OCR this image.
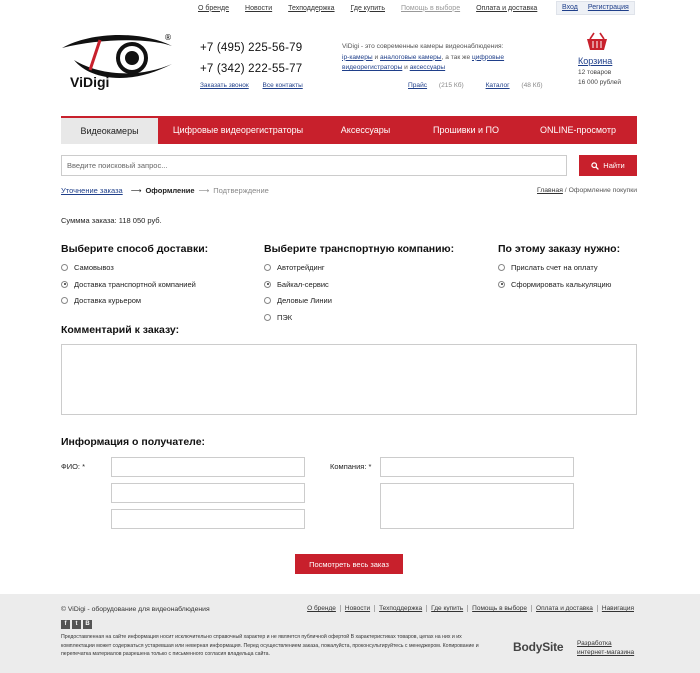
О бренде Новости Техподдержка Где купить Помощь в выборе Оплата и доставка	Вход	Регистрация
®
ViDigi
+7 (495) 225-56-79
+7 (342) 222-55-77
Заказать звонок Все контакты
ViDigi - это современные камеры видеонаблюдения:
ip-камеры и аналоговые камеры, а так же цифровые видеорегистраторы и аксессуары
Прайс (215 Кб)	Каталог (48 Кб)
Корзина
12 товаров
16 000 рублей
Видеокамеры	Цифровые видеорегистраторы	Аксессуары	Прошивки и ПО	ONLINE-просмотр
Введите поисковый запрос...	Найти
Уточнение заказа ⟶ Оформление ⟶ Подтверждение	Главная / Оформление покупки
Суммма заказа: 118 050 руб.
Выберите способ доставки:
Самовывоз
Доставка транспортной компанией
Доставка курьером
Выберите транспортную компанию:
Автотрейдинг
Байкал-сервис
Деловые Линии
ПЭК
По этому заказу нужно:
Прислать счет на оплату
Сформировать калькуляцию
Комментарий к заказу:
Информация о получателе:
ФИО: *	Компания: *
Посмотреть весь заказ
© ViDigi - оборудование для видеонаблюдения	О бренде	Новости	Техподдержка	Где купить	Помощь в выборе	Оплата и доставка	Навигация
f	t	В
Предоставленная на сайте информация носит исключительно справочный характер и не является публичной офертой В характеристиках товаров, цепах на них и их комплектации может содержаться устаревшая или неверная информация. Перед осуществлением заказа, пожалуйста, проконсультируйтесь с менеджером. Копирование и перепечатка материалов разрешена только с письменного согласия владельца сайта.
BodySite Разработка
интернет-магазина
